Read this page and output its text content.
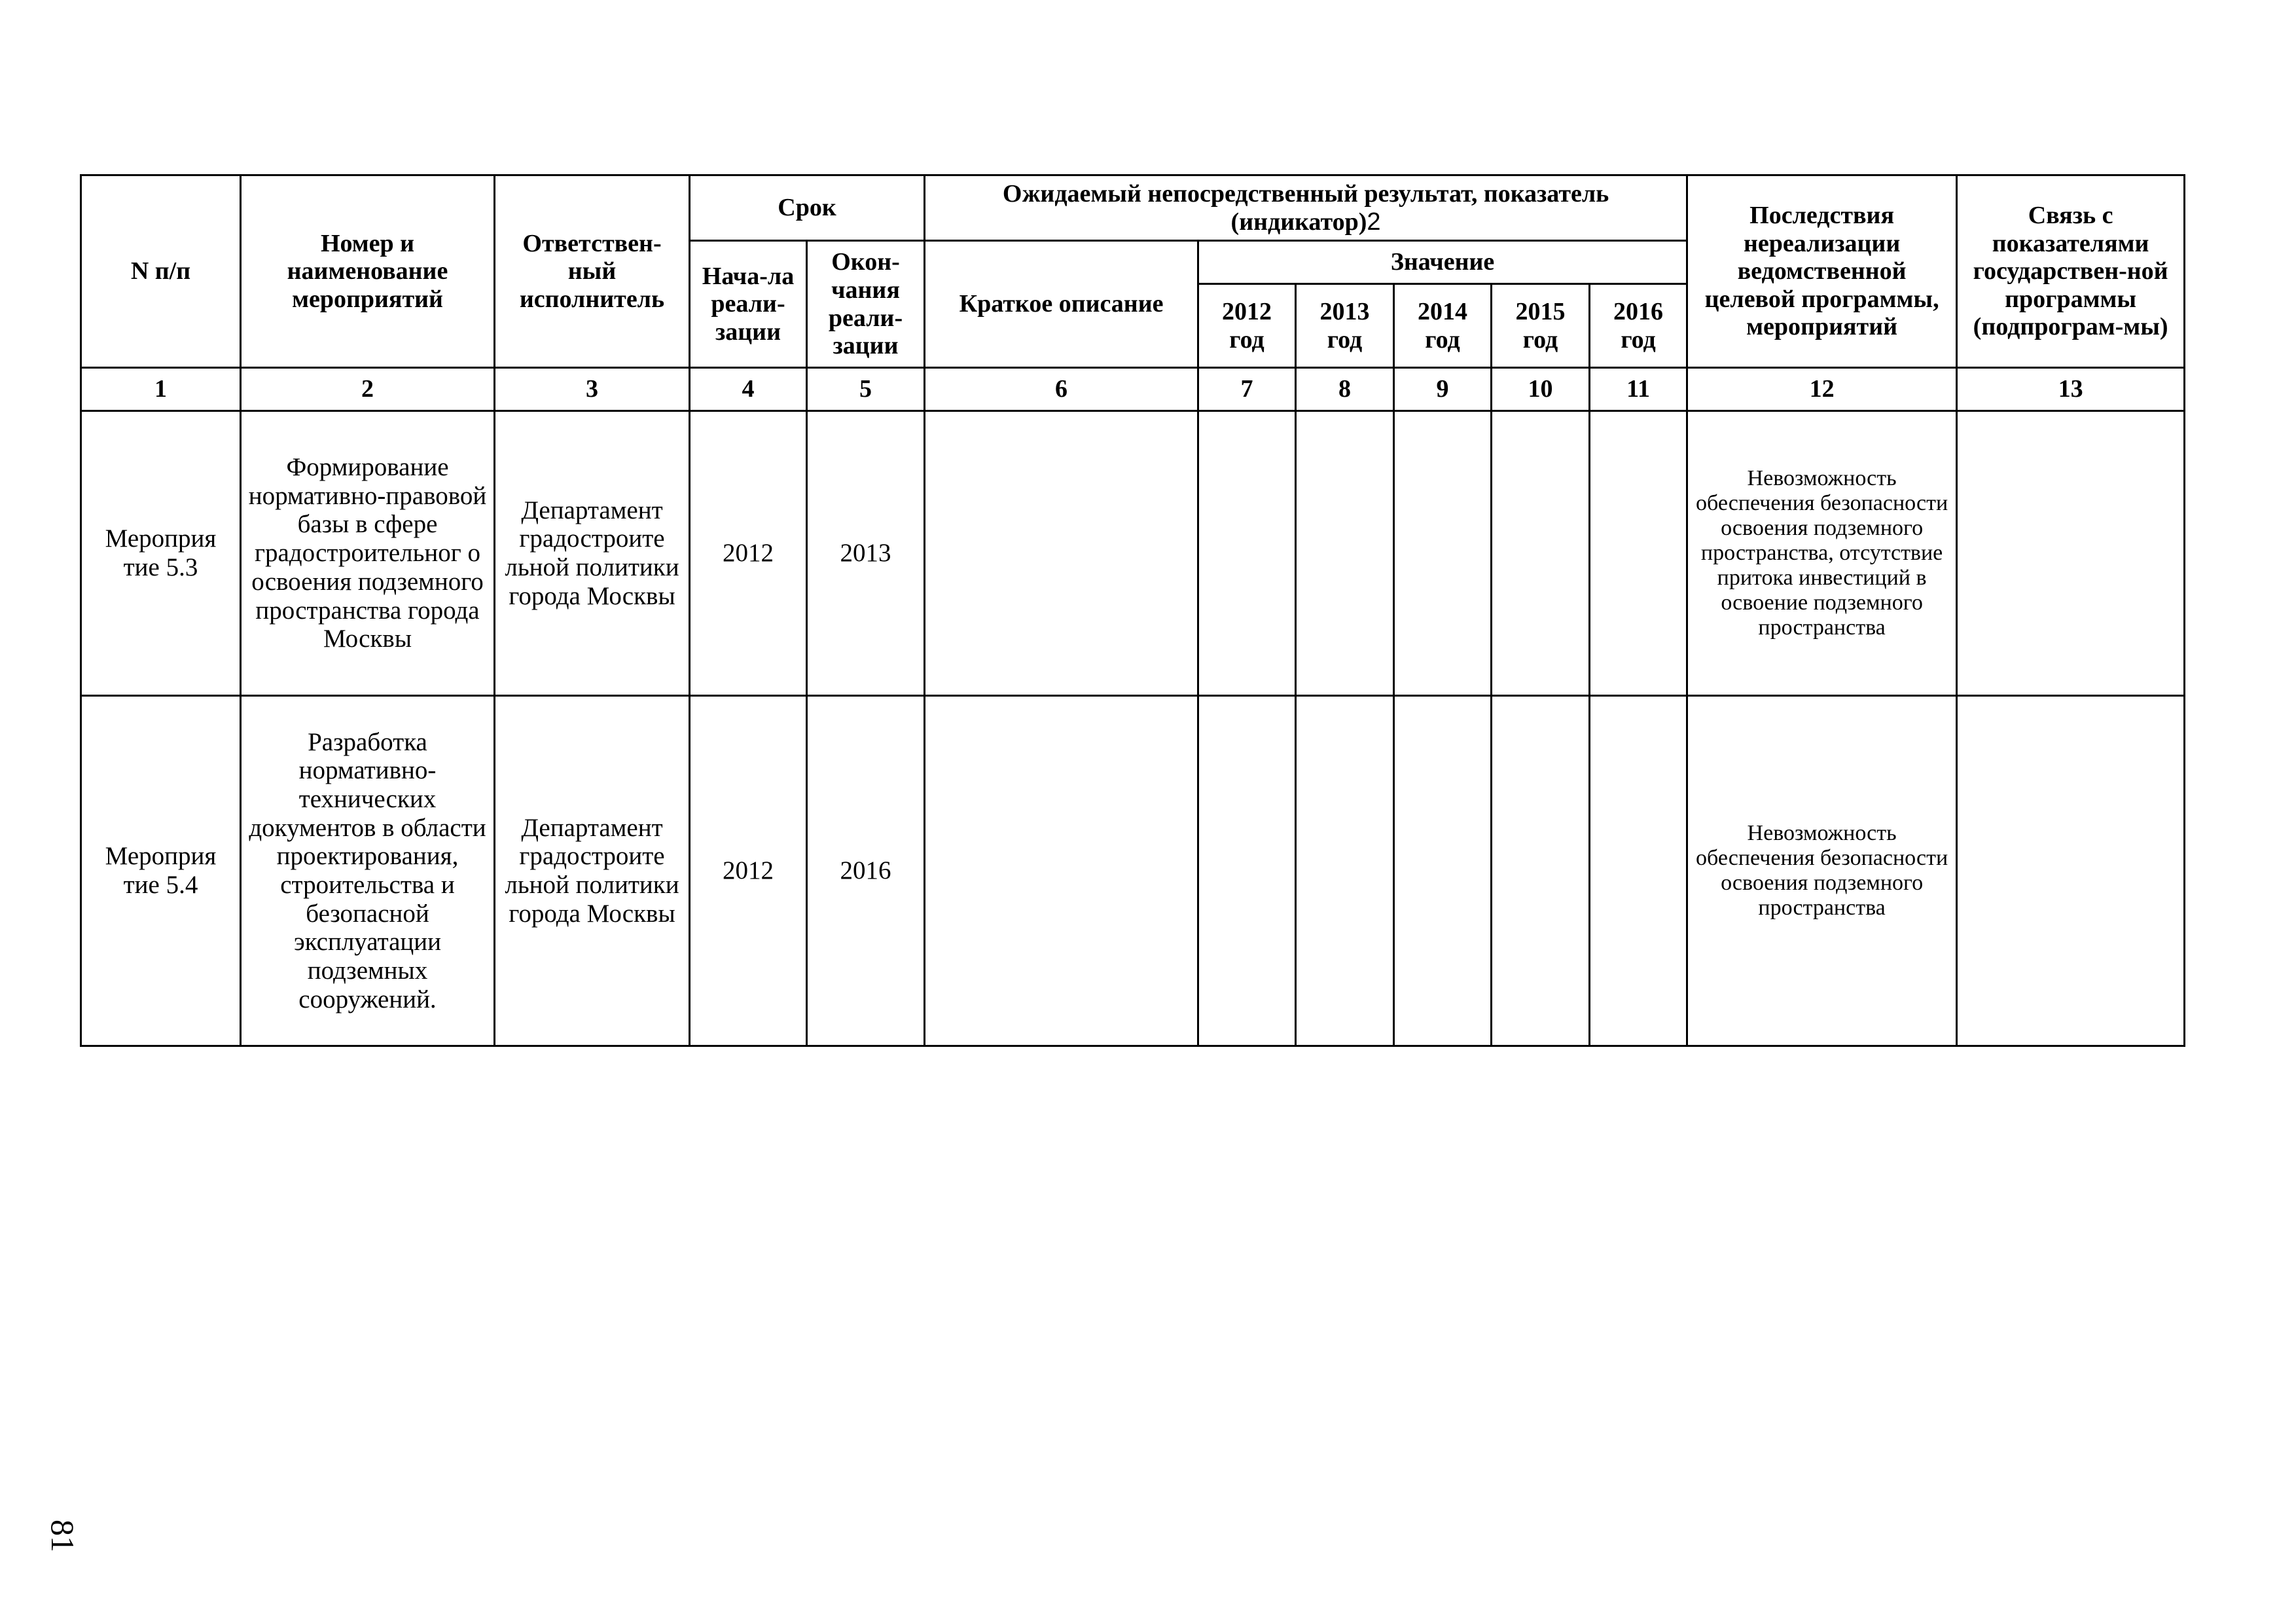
N п/п	Номер и наименование мероприятий	Ответствен-ный исполнитель	Срок		Ожидаемый непосредственный результат, показатель (индикатор)2						Последствия нереализации ведомственной целевой программы, мероприятий	Связь с показателями государствен-ной программы (подпрограм-мы)
			Нача-ла реали-зации	Окон-чания реали-зации	Краткое описание	Значение						
						2012 год	2013 год	2014 год	2015 год	2016 год		
1	2	3	4	5	6	7	8	9	10	11	12	13
Мероприя тие 5.3	Формирование нормативно-правовой базы в сфере градостроительног о освоения подземного пространства города Москвы	Департамент градостроите льной политики города Москвы	2012	2013							Невозможность обеспечения безопасности освоения подземного пространства, отсутствие притока инвестиций в освоение подземного пространства	
Мероприя тие 5.4	Разработка нормативно-технических документов в области проектирования, строительства и безопасной эксплуатации подземных сооружений.	Департамент градостроите льной политики города Москвы	2012	2016							Невозможность обеспечения безопасности освоения подземного пространства	
81
